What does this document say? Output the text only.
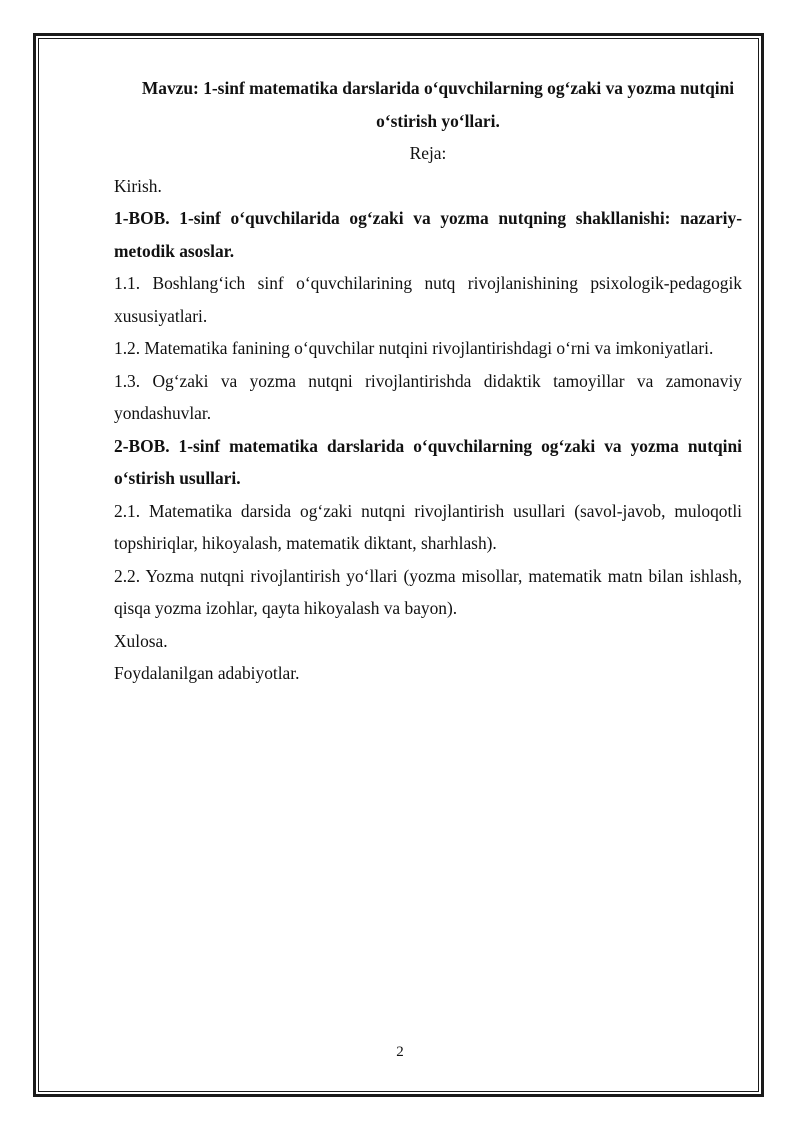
Mavzu: 1-sinf matematika darslarida o‘quvchilarning og‘zaki va yozma nutqini o‘stirish yo‘llari.

Reja:

Kirish.

1-BOB. 1-sinf o‘quvchilarida og‘zaki va yozma nutqning shakllanishi: nazariy-metodik asoslar.

1.1. Boshlang‘ich sinf o‘quvchilarining nutq rivojlanishining psixologik-pedagogik xususiyatlari.

1.2. Matematika fanining o‘quvchilar nutqini rivojlantirishdagi o‘rni va imkoniyatlari.

1.3. Og‘zaki va yozma nutqni rivojlantirishda didaktik tamoyillar va zamonaviy yondashuvlar.

2-BOB. 1-sinf matematika darslarida o‘quvchilarning og‘zaki va yozma nutqini o‘stirish usullari.

2.1. Matematika darsida og‘zaki nutqni rivojlantirish usullari (savol-javob, muloqotli topshiriqlar, hikoyalash, matematik diktant, sharhlash).

2.2. Yozma nutqni rivojlantirish yo‘llari (yozma misollar, matematik matn bilan ishlash, qisqa yozma izohlar, qayta hikoyalash va bayon).

Xulosa.

Foydalanilgan adabiyotlar.

2
